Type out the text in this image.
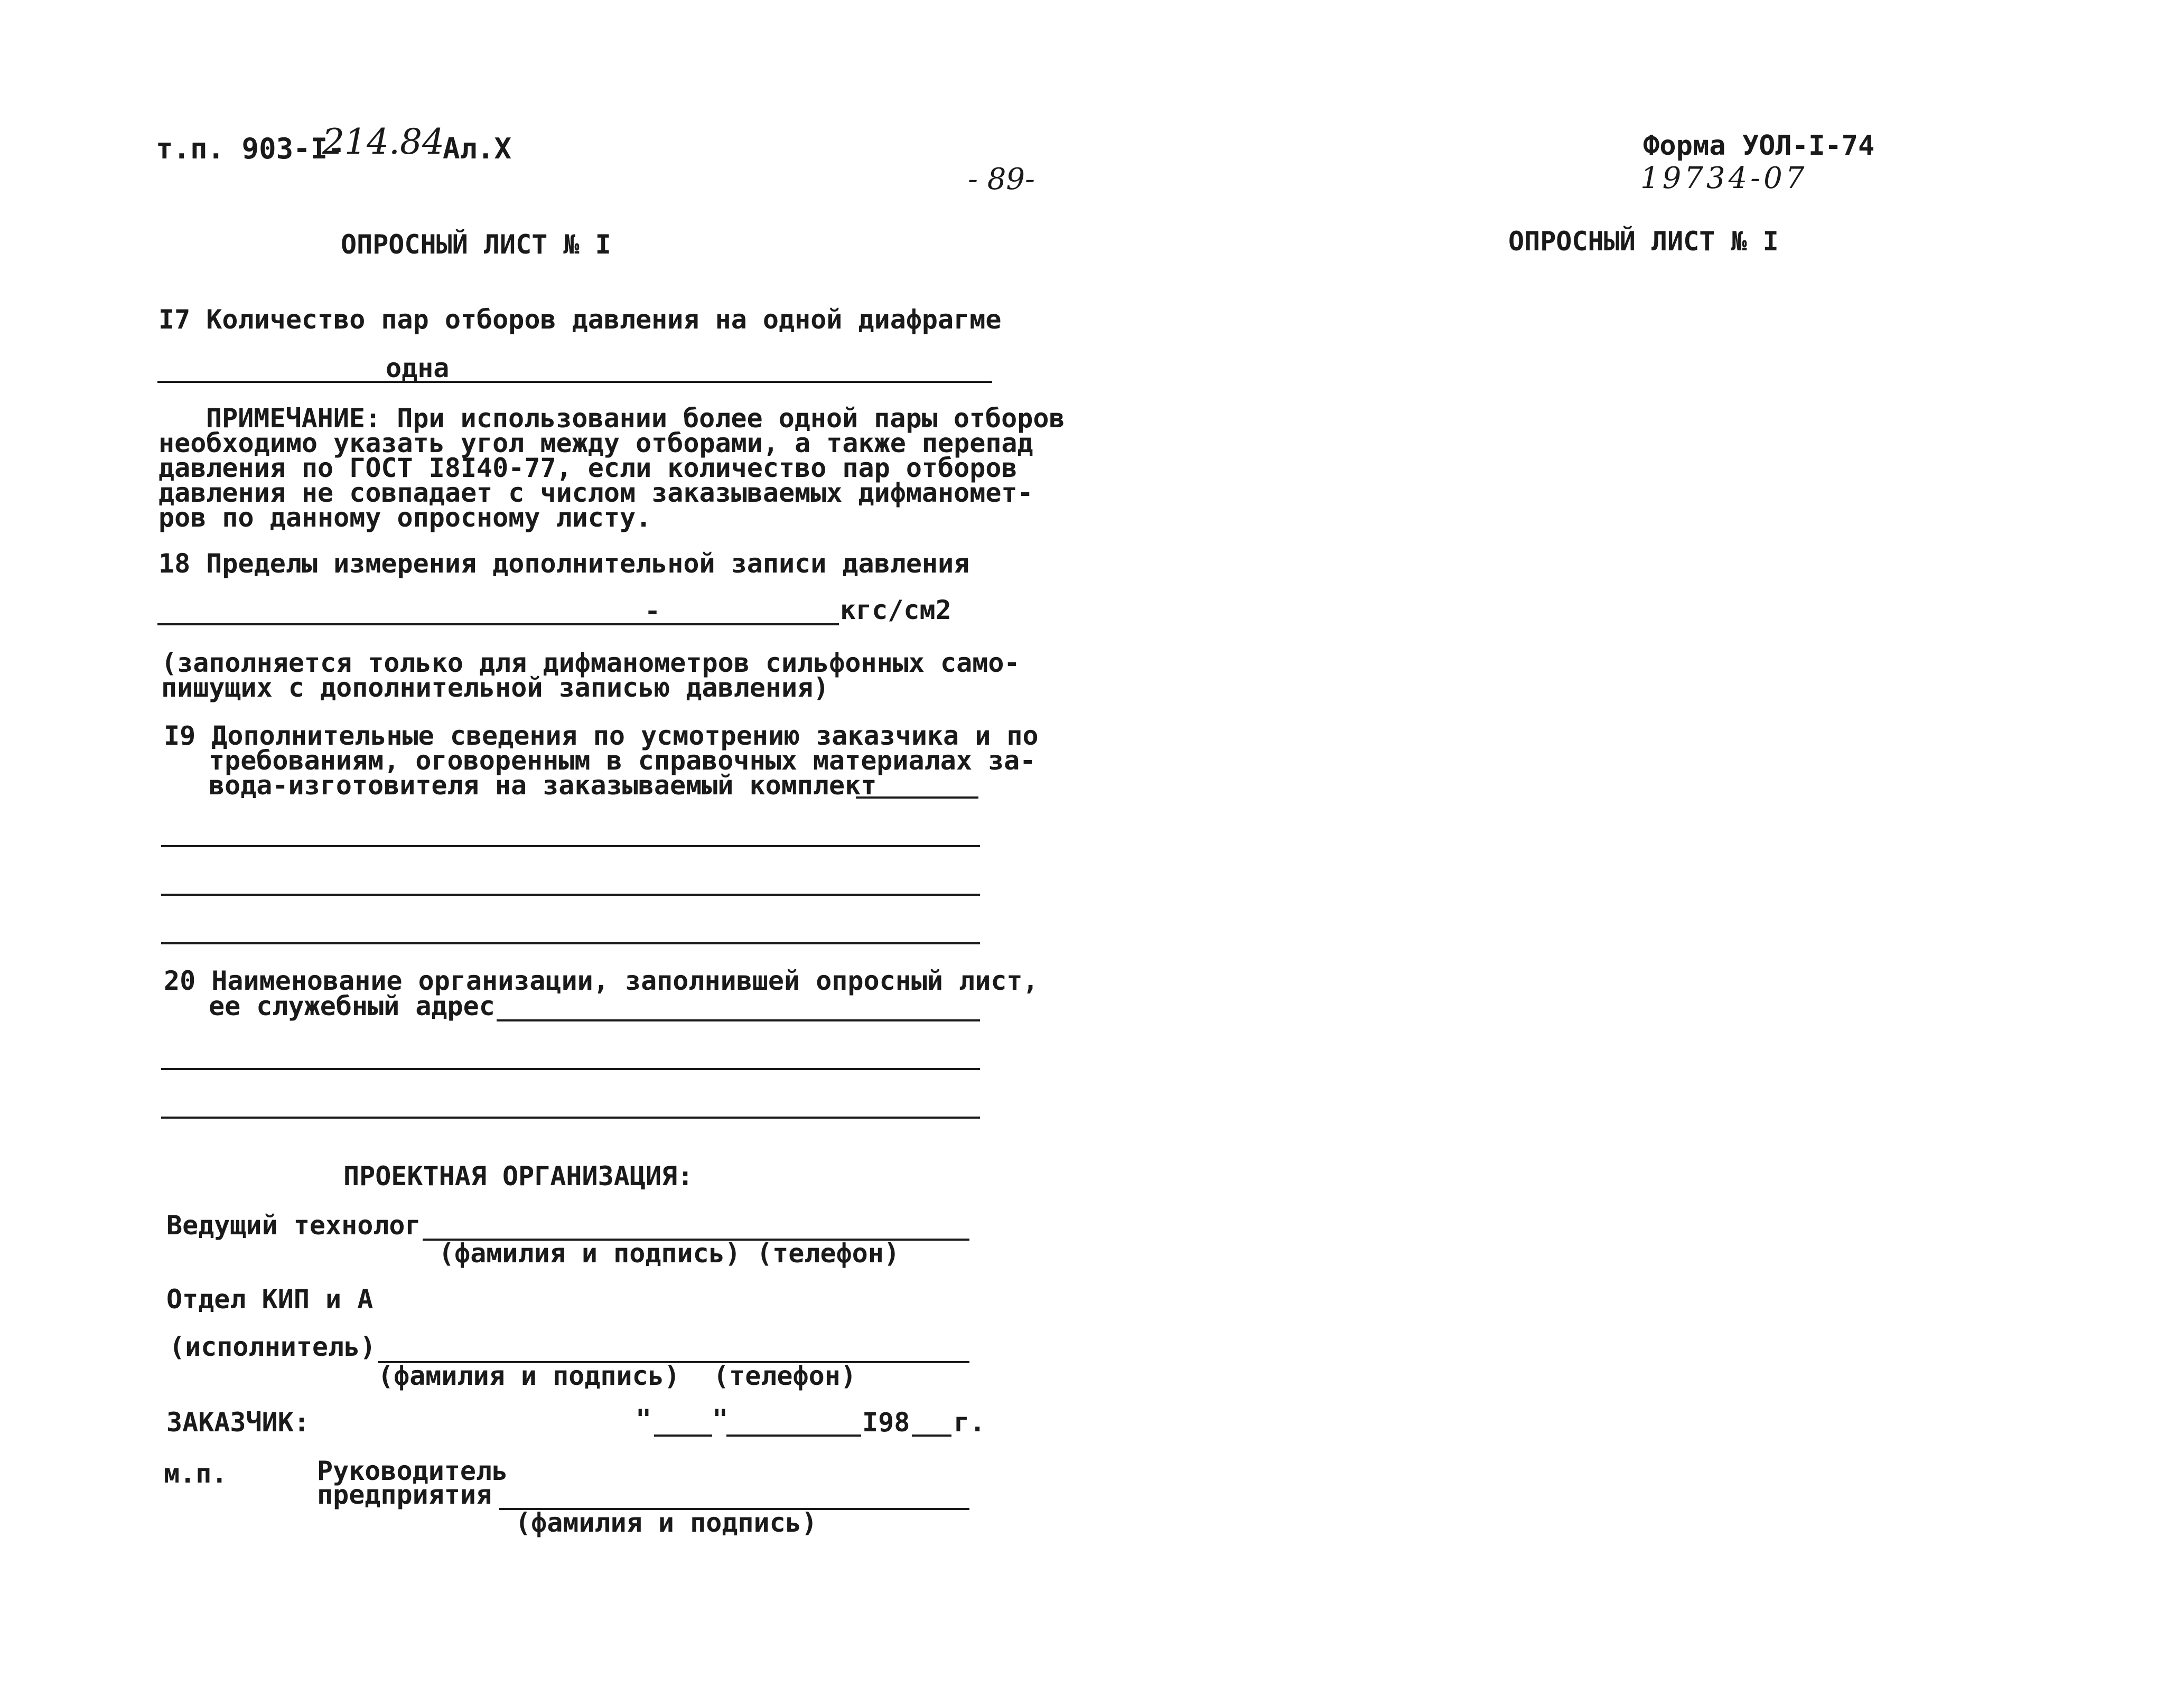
т.п. 903-I-
214.84
Ал.X
- 89-
Форма УОЛ-I-74
19734-07
ОПРОСНЫЙ ЛИСТ № I	ОПРОСНЫЙ ЛИСТ № I
I7 Количество пар отборов давления на одной диафрагме
одна
ПРИМЕЧАНИЕ: При использовании более одной пары отборов
необходимо указать угол между отборами, а также перепад
давления по ГОСТ I8I40-77, если количество пар отборов
давления не совпадает с числом заказываемых дифманомет-
ров по данному опросному листу.
18 Пределы измерения дополнительной записи давления
-	кгс/см2
(заполняется только для дифманометров сильфонных само-
пишущих с дополнительной записью давления)
I9 Дополнительные сведения по усмотрению заказчика и по
требованиям, оговоренным в справочных материалах за-
вода-изготовителя на заказываемый комплект
20 Наименование организации, заполнившей опросный лист,
ее служебный адрес
ПРОЕКТНАЯ ОРГАНИЗАЦИЯ:
Ведущий технолог
(фамилия и подпись) (телефон)
Отдел КИП и А
(исполнитель)
(фамилия и подпись) (телефон)
ЗАКАЗЧИК:	" "	I98 г.
м.п.	Руководитель
предприятия
(фамилия и подпись)
